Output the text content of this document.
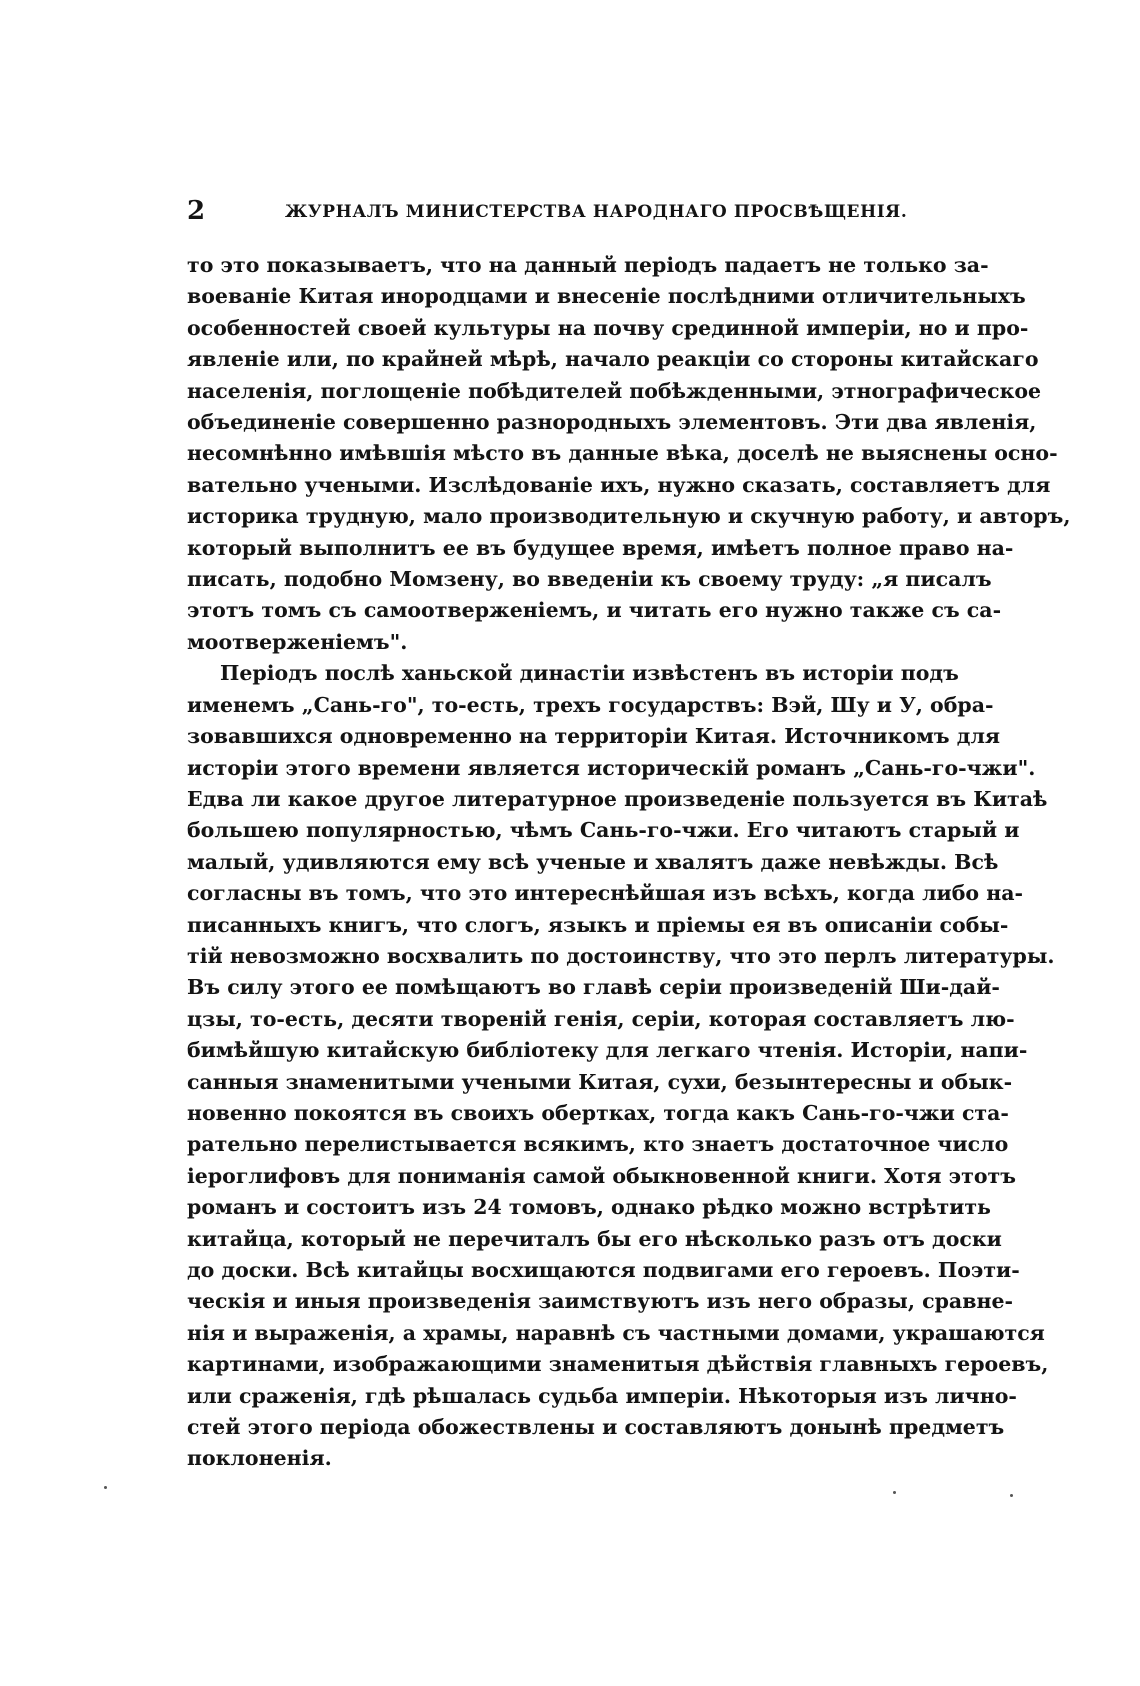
2	ЖУРНАЛЪ МИНИСТЕРСТВА НАРОДНАГО ПРОСВѢЩЕНІЯ.

то это показываетъ, что на данный періодъ падаетъ не только за-

воеваніе Китая инородцами и внесеніе послѣдними отличительныхъ

особенностей своей культуры на почву срединной имперіи, но и про-

явленіе или, по крайней мѣрѣ, начало реакціи со стороны китайскаго

населенія, поглощеніе побѣдителей побѣжденными, этнографическое

объединеніе совершенно разнородныхъ элементовъ. Эти два явленія,

несомнѣнно имѣвшія мѣсто въ данные вѣка, доселѣ не выяснены осно-

вательно учеными. Изслѣдованіе ихъ, нужно сказать, составляетъ для

историка трудную, мало производительную и скучную работу, и авторъ,

который выполнитъ ее въ будущее время, имѣетъ полное право на-

писать, подобно Момзену, во введеніи къ своему труду: „я писалъ

этотъ томъ съ самоотверженіемъ, и читать его нужно также съ са-

моотверженіемъ".

Періодъ послѣ ханьской династіи извѣстенъ въ исторіи подъ

именемъ „Сань-го", то-есть, трехъ государствъ: Вэй, Шу и У, обра-

зовавшихся одновременно на территоріи Китая. Источникомъ для

исторіи этого времени является историческій романъ „Сань-го-чжи".

Едва ли какое другое литературное произведеніе пользуется въ Китаѣ

большею популярностью, чѣмъ Сань-го-чжи. Его читаютъ старый и

малый, удивляются ему всѣ ученые и хвалятъ даже невѣжды. Всѣ

согласны въ томъ, что это интереснѣйшая изъ всѣхъ, когда либо на-

писанныхъ книгъ, что слогъ, языкъ и пріемы ея въ описаніи собы-

тій невозможно восхвалить по достоинству, что это перлъ литературы.

Въ силу этого ее помѣщаютъ во главѣ серіи произведеній Ши-дай-

цзы, то-есть, десяти твореній генія, серіи, которая составляетъ лю-

бимѣйшую китайскую библіотеку для легкаго чтенія. Исторіи, напи-

санныя знаменитыми учеными Китая, сухи, безынтересны и обык-

новенно покоятся въ своихъ обертках, тогда какъ Сань-го-чжи ста-

рательно перелистывается всякимъ, кто знаетъ достаточное число

іероглифовъ для пониманія самой обыкновенной книги. Хотя этотъ

романъ и состоитъ изъ 24 томовъ, однако рѣдко можно встрѣтить

китайца, который не перечиталъ бы его нѣсколько разъ отъ доски

до доски. Всѣ китайцы восхищаются подвигами его героевъ. Поэти-

ческія и иныя произведенія заимствуютъ изъ него образы, сравне-

нія и выраженія, а храмы, наравнѣ съ частными домами, украшаются

картинами, изображающими знаменитыя дѣйствія главныхъ героевъ,

или сраженія, гдѣ рѣшалась судьба имперіи. Нѣкоторыя изъ лично-

стей этого періода обожествлены и составляютъ донынѣ предметъ

поклоненія.
